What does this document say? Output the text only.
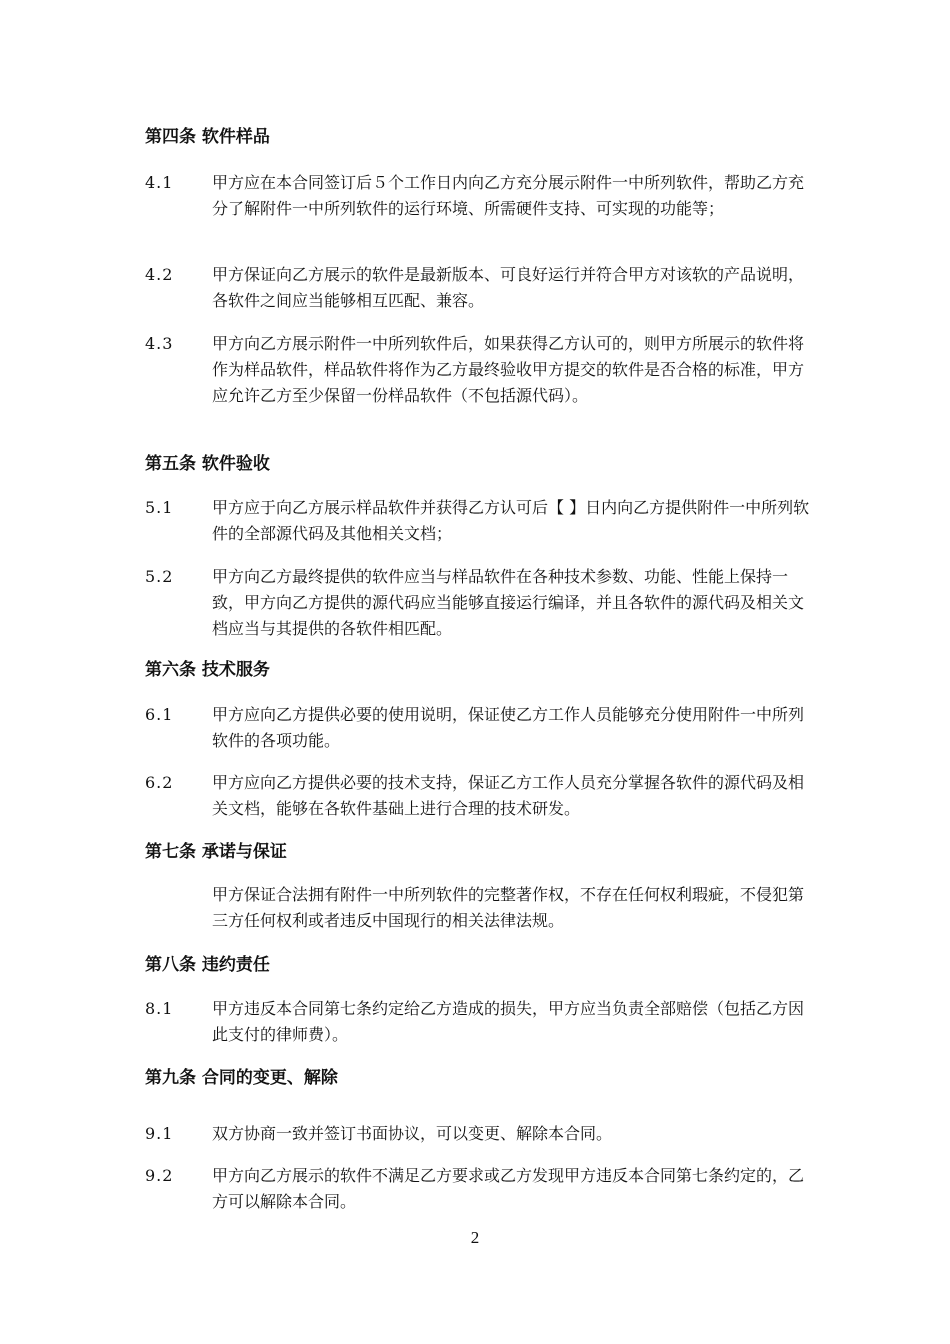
第四条 软件样品
4.1	甲方应在本合同签订后５个工作日内向乙方充分展示附件一中所列软件，帮助乙方充分了解附件一中所列软件的运行环境、所需硬件支持、可实现的功能等；
4.2	甲方保证向乙方展示的软件是最新版本、可良好运行并符合甲方对该软的产品说明，各软件之间应当能够相互匹配、兼容。
4.3	甲方向乙方展示附件一中所列软件后，如果获得乙方认可的，则甲方所展示的软件将作为样品软件，样品软件将作为乙方最终验收甲方提交的软件是否合格的标准，甲方应允许乙方至少保留一份样品软件（不包括源代码）。
第五条 软件验收
5.1	甲方应于向乙方展示样品软件并获得乙方认可后【 】日内向乙方提供附件一中所列软件的全部源代码及其他相关文档；
5.2	甲方向乙方最终提供的软件应当与样品软件在各种技术参数、功能、性能上保持一致，甲方向乙方提供的源代码应当能够直接运行编译，并且各软件的源代码及相关文档应当与其提供的各软件相匹配。
第六条 技术服务
6.1	甲方应向乙方提供必要的使用说明，保证使乙方工作人员能够充分使用附件一中所列软件的各项功能。
6.2	甲方应向乙方提供必要的技术支持，保证乙方工作人员充分掌握各软件的源代码及相关文档，能够在各软件基础上进行合理的技术研发。
第七条 承诺与保证
甲方保证合法拥有附件一中所列软件的完整著作权，不存在任何权利瑕疵，不侵犯第三方任何权利或者违反中国现行的相关法律法规。
第八条 违约责任
8.1	甲方违反本合同第七条约定给乙方造成的损失，甲方应当负责全部赔偿（包括乙方因此支付的律师费）。
第九条 合同的变更、解除
9.1	双方协商一致并签订书面协议，可以变更、解除本合同。
9.2	甲方向乙方展示的软件不满足乙方要求或乙方发现甲方违反本合同第七条约定的，乙方可以解除本合同。
2
